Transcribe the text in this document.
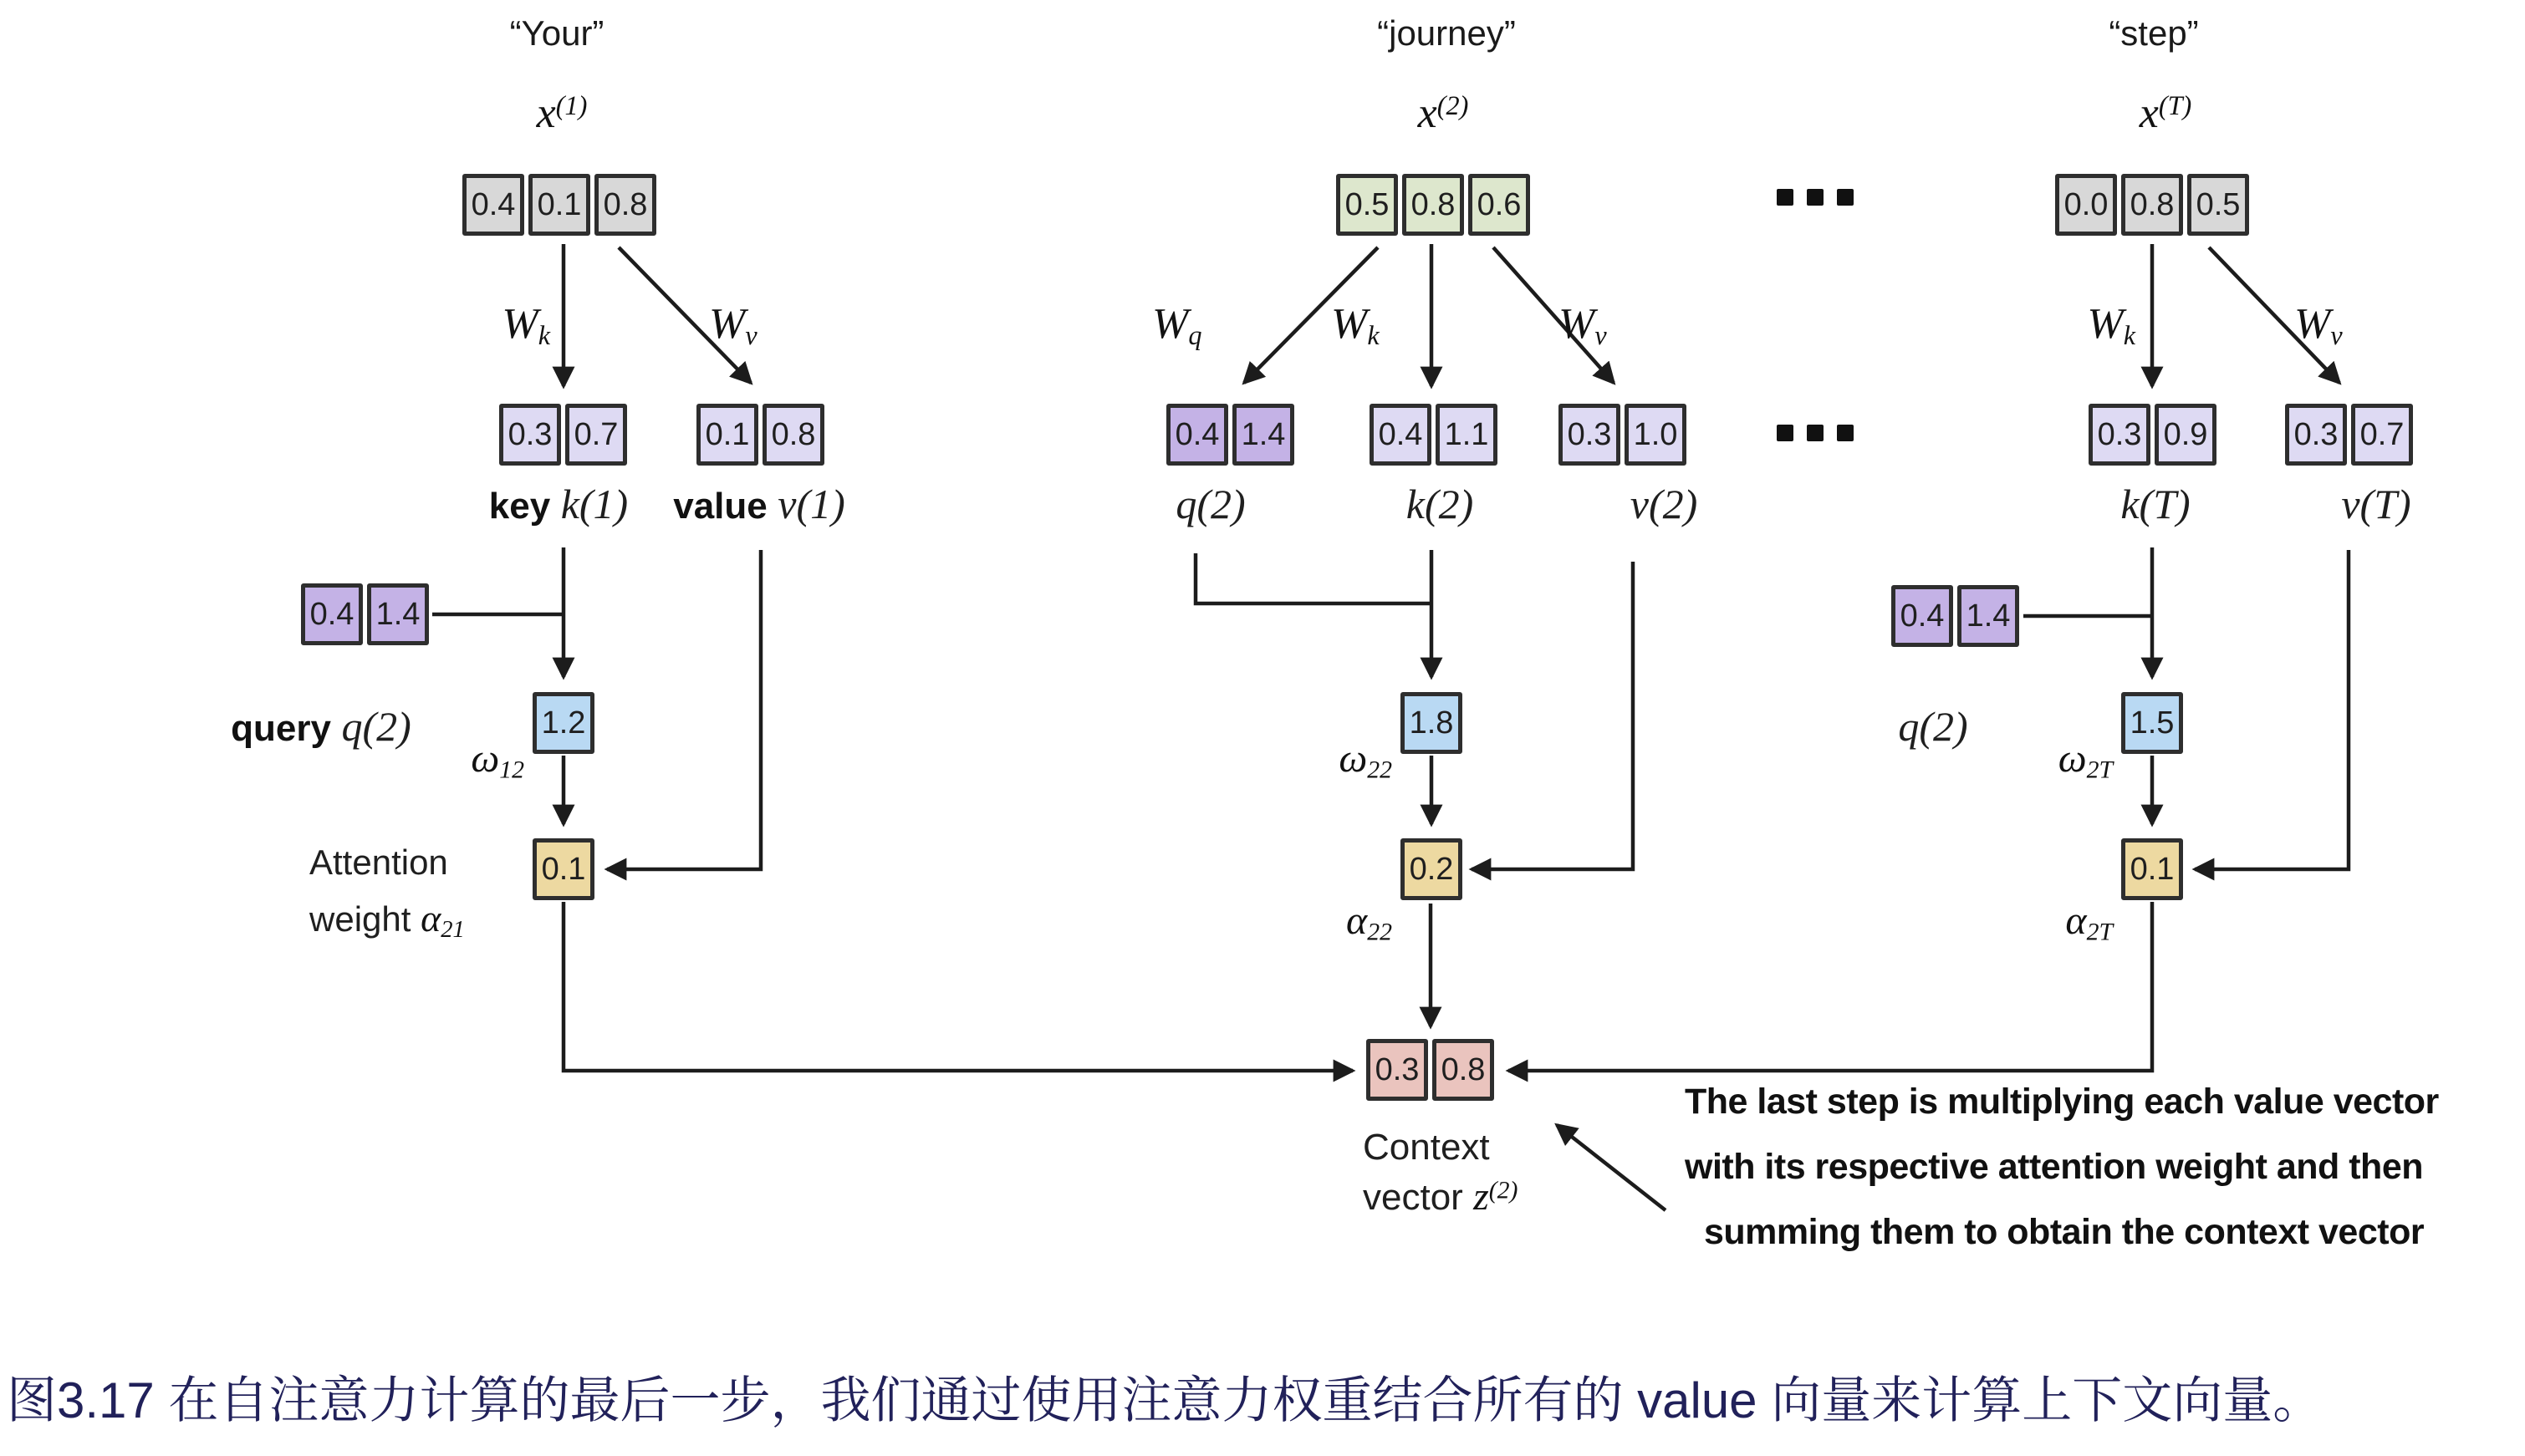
“Your”
$x^{(1)}$
0.4 0.1 0.8
Wk	Wv
0.3 0.7	0.1 0.8
key k(1)	value v(1)
0.4 1.4
query q(2)	1.2
ω12
0.1
Attention
weight α21
“journey”
$x^{(2)}$
0.5 0.8 0.6
Wq	Wk	Wv
0.4 1.4	0.4 1.1 0.3 1.0
q(2)	k(2)	v(2)
1.8
ω22
0.2
α22
“step”
$x^{(T)}$
0.0 0.8 0.5
Wk	Wv
0.3 0.9	0.3 0.7
k(T)	v(T)
0.4 1.4
q(2)	1.5
ω2T
0.1
α2T
0.3 0.8
Context
vector $z^{(2)}$
The last step is multiplying each value vector
with its respective attention weight and then
summing them to obtain the context vector
图3.17 在自注意力计算的最后一步，我们通过使用注意力权重结合所有的 value 向量来计算上下文向量。
